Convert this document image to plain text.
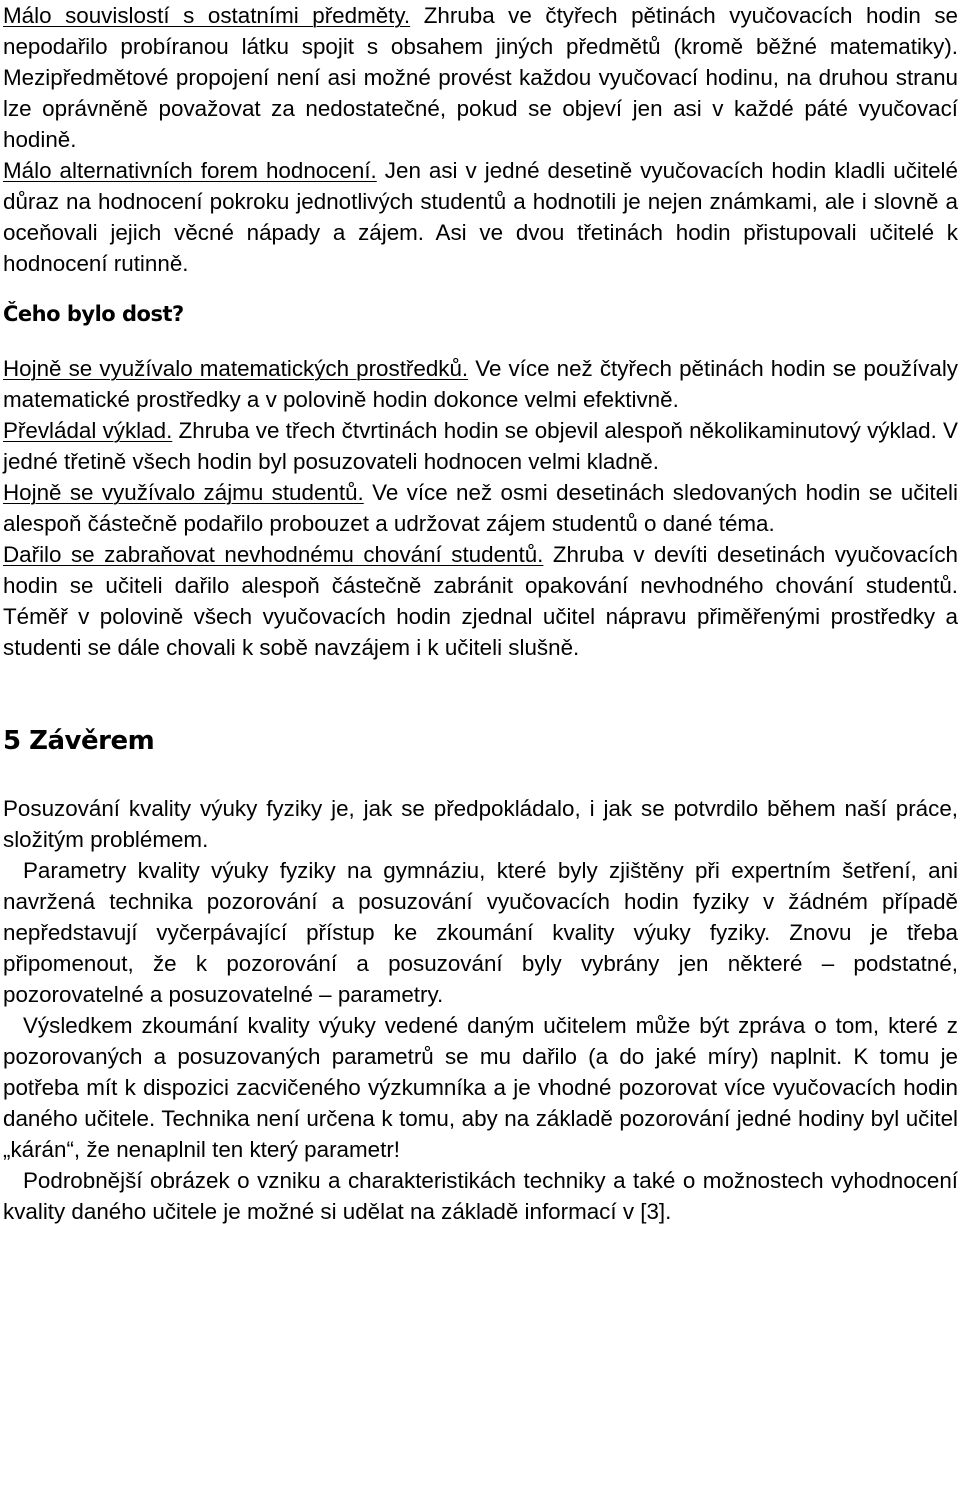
Málo souvislostí s ostatními předměty. Zhruba ve čtyřech pětinách vyučovacích hodin se nepodařilo probíranou látku spojit s obsahem jiných předmětů (kromě běžné matematiky). Mezipředmětové propojení není asi možné provést každou vyučovací hodinu, na druhou stranu lze oprávněně považovat za nedostatečné, pokud se objeví jen asi v každé páté vyučovací hodině.

Málo alternativních forem hodnocení. Jen asi v jedné desetině vyučovacích hodin kladli učitelé důraz na hodnocení pokroku jednotlivých studentů a hodnotili je nejen známkami, ale i slovně a oceňovali jejich věcné nápady a zájem. Asi ve dvou třetinách hodin přistupovali učitelé k hodnocení rutinně.

Čeho bylo dost?

Hojně se využívalo matematických prostředků. Ve více než čtyřech pětinách hodin se používaly matematické prostředky a v polovině hodin dokonce velmi efektivně.

Převládal výklad. Zhruba ve třech čtvrtinách hodin se objevil alespoň několikaminutový výklad. V jedné třetině všech hodin byl posuzovateli hodnocen velmi kladně.

Hojně se využívalo zájmu studentů. Ve více než osmi desetinách sledovaných hodin se učiteli alespoň částečně podařilo probouzet a udržovat zájem studentů o dané téma.

Dařilo se zabraňovat nevhodnému chování studentů. Zhruba v devíti desetinách vyučovacích hodin se učiteli dařilo alespoň částečně zabránit opakování nevhodného chování studentů. Téměř v polovině všech vyučovacích hodin zjednal učitel nápravu přiměřenými prostředky a studenti se dále chovali k sobě navzájem i k učiteli slušně.

5 Závěrem

Posuzování kvality výuky fyziky je, jak se předpokládalo, i jak se potvrdilo během naší práce, složitým problémem.

Parametry kvality výuky fyziky na gymnáziu, které byly zjištěny při expertním šetření, ani navržená technika pozorování a posuzování vyučovacích hodin fyziky v žádném případě nepředstavují vyčerpávající přístup ke zkoumání kvality výuky fyziky. Znovu je třeba připomenout, že k pozorování a posuzování byly vybrány jen některé – podstatné, pozorovatelné a posuzovatelné – parametry.

Výsledkem zkoumání kvality výuky vedené daným učitelem může být zpráva o tom, které z pozorovaných a posuzovaných parametrů se mu dařilo (a do jaké míry) naplnit. K tomu je potřeba mít k dispozici zacvičeného výzkumníka a je vhodné pozorovat více vyučovacích hodin daného učitele. Technika není určena k tomu, aby na základě pozorování jedné hodiny byl učitel „kárán“, že nenaplnil ten který parametr!

Podrobnější obrázek o vzniku a charakteristikách techniky a také o možnostech vyhodnocení kvality daného učitele je možné si udělat na základě informací v [3].
